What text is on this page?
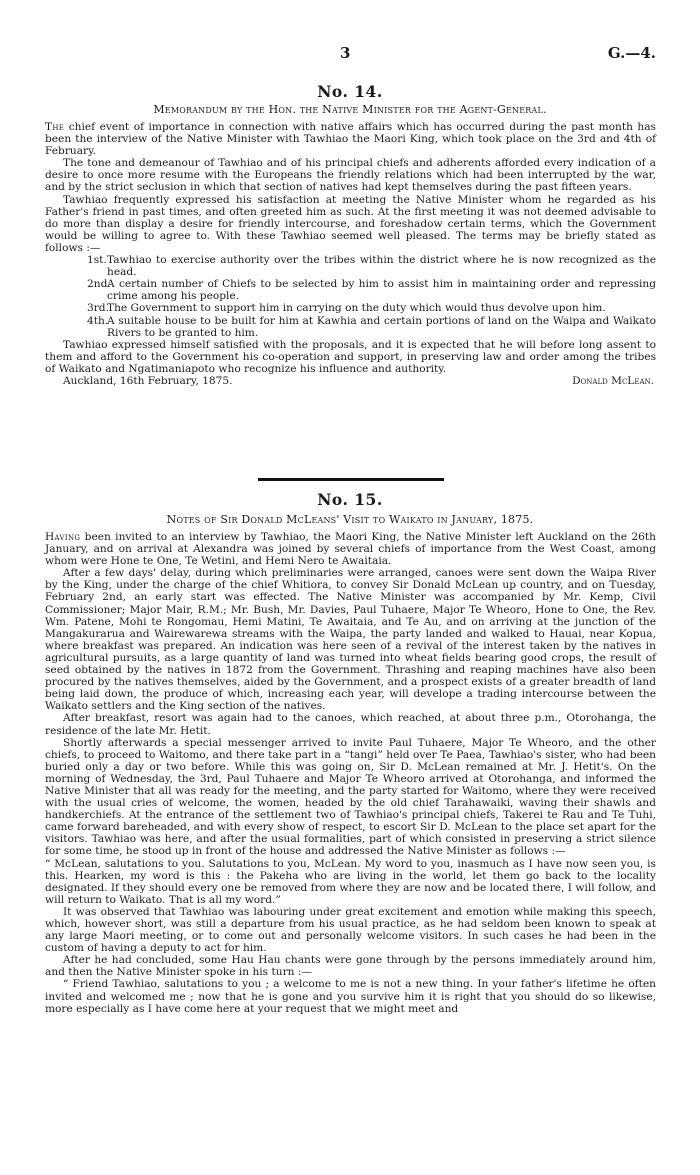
3	G.—4.
No. 14.
Memorandum by the Hon. the Native Minister for the Agent-General.

The chief event of importance in connection with native affairs which has occurred during the past month has been the interview of the Native Minister with Tawhiao the Maori King, which took place on the 3rd and 4th of February.

The tone and demeanour of Tawhiao and of his principal chiefs and adherents afforded every indication of a desire to once more resume with the Europeans the friendly relations which had been interrupted by the war, and by the strict seclusion in which that section of natives had kept themselves during the past fifteen years.

Tawhiao frequently expressed his satisfaction at meeting the Native Minister whom he regarded as his Father's friend in past times, and often greeted him as such. At the first meeting it was not deemed advisable to do more than display a desire for friendly intercourse, and foreshadow certain terms, which the Government would be willing to agree to. With these Tawhiao seemed well pleased. The terms may be briefly stated as follows :—

1st. Tawhiao to exercise authority over the tribes within the district where he is now recognized as the head.
2nd.
A certain number of Chiefs to be selected by him to assist him in maintaining order and repressing crime among his people.
3rd.
The Government to support him in carrying on the duty which would thus devolve upon him.
4th.
A suitable house to be built for him at Kawhia and certain portions of land on the Waipa and Waikato Rivers to be granted to him.

Tawhiao expressed himself satisfied with the proposals, and it is expected that he will before long assent to them and afford to the Government his co-operation and support, in preserving law and order among the tribes of Waikato and Ngatimaniapoto who recognize his influence and authority.

Auckland, 16th February, 1875.	Donald McLean.
No. 15.
Notes of Sir Donald McLeans' Visit to Waikato in January, 1875.

Having been invited to an interview by Tawhiao, the Maori King, the Native Minister left Auckland on the 26th January, and on arrival at Alexandra was joined by several chiefs of importance from the West Coast, among whom were Hone te One, Te Wetini, and Hemi Nero te Awaitaia.

After a few days' delay, during which preliminaries were arranged, canoes were sent down the Waipa River by the King, under the charge of the chief Whitiora, to convey Sir Donald McLean up country, and on Tuesday, February 2nd, an early start was effected. The Native Minister was accompanied by Mr. Kemp, Civil Commissioner; Major Mair, R.M.; Mr. Bush, Mr. Davies, Paul Tuhaere, Major Te Wheoro, Hone to One, the Rev. Wm. Patene, Mohi te Rongomau, Hemi Matini, Te Awaitaia, and Te Au, and on arriving at the junction of the Mangakurarua and Wairewarewa streams with the Waipa, the party landed and walked to Hauai, near Kopua, where breakfast was prepared. An indication was here seen of a revival of the interest taken by the natives in agricultural pursuits, as a large quantity of land was turned into wheat fields bearing good crops, the result of seed obtained by the natives in 1872 from the Government. Thrashing and reaping machines have also been procured by the natives themselves, aided by the Government, and a prospect exists of a greater breadth of land being laid down, the produce of which, increasing each year, will develope a trading intercourse between the Waikato settlers and the King section of the natives.

After breakfast, resort was again had to the canoes, which reached, at about three p.m., Otorohanga, the residence of the late Mr. Hetit.

Shortly afterwards a special messenger arrived to invite Paul Tuhaere, Major Te Wheoro, and the other chiefs, to proceed to Waitomo, and there take part in a “tangi” held over Te Paea, Tawhiao's sister, who had been buried only a day or two before. While this was going on, Sir D. McLean remained at Mr. J. Hetit's. On the morning of Wednesday, the 3rd, Paul Tuhaere and Major Te Wheoro arrived at Otorohanga, and informed the Native Minister that all was ready for the meeting, and the party started for Waitomo, where they were received with the usual cries of welcome, the women, headed by the old chief Tarahawaiki, waving their shawls and handkerchiefs. At the entrance of the settlement two of Tawhiao's principal chiefs, Takerei te Rau and Te Tuhi, came forward bareheaded, and with every show of respect, to escort Sir D. McLean to the place set apart for the visitors. Tawhiao was here, and after the usual formalities, part of which consisted in preserving a strict silence for some time, he stood up in front of the house and addressed the Native Minister as follows :—

“ McLean, salutations to you. Salutations to you, McLean. My word to you, inasmuch as I have now seen you, is this. Hearken, my word is this : the Pakeha who are living in the world, let them go back to the locality designated. If they should every one be removed from where they are now and be located there, I will follow, and will return to Waikato. That is all my word.”

It was observed that Tawhiao was labouring under great excitement and emotion while making this speech, which, however short, was still a departure from his usual practice, as he had seldom been known to speak at any large Maori meeting, or to come out and personally welcome visitors. In such cases he had been in the custom of having a deputy to act for him.

After he had concluded, some Hau Hau chants were gone through by the persons immediately around him, and then the Native Minister spoke in his turn :—

“ Friend Tawhiao, salutations to you ; a welcome to me is not a new thing. In your father's lifetime he often invited and welcomed me ; now that he is gone and you survive him it is right that you should do so likewise, more especially as I have come here at your request that we might meet and
